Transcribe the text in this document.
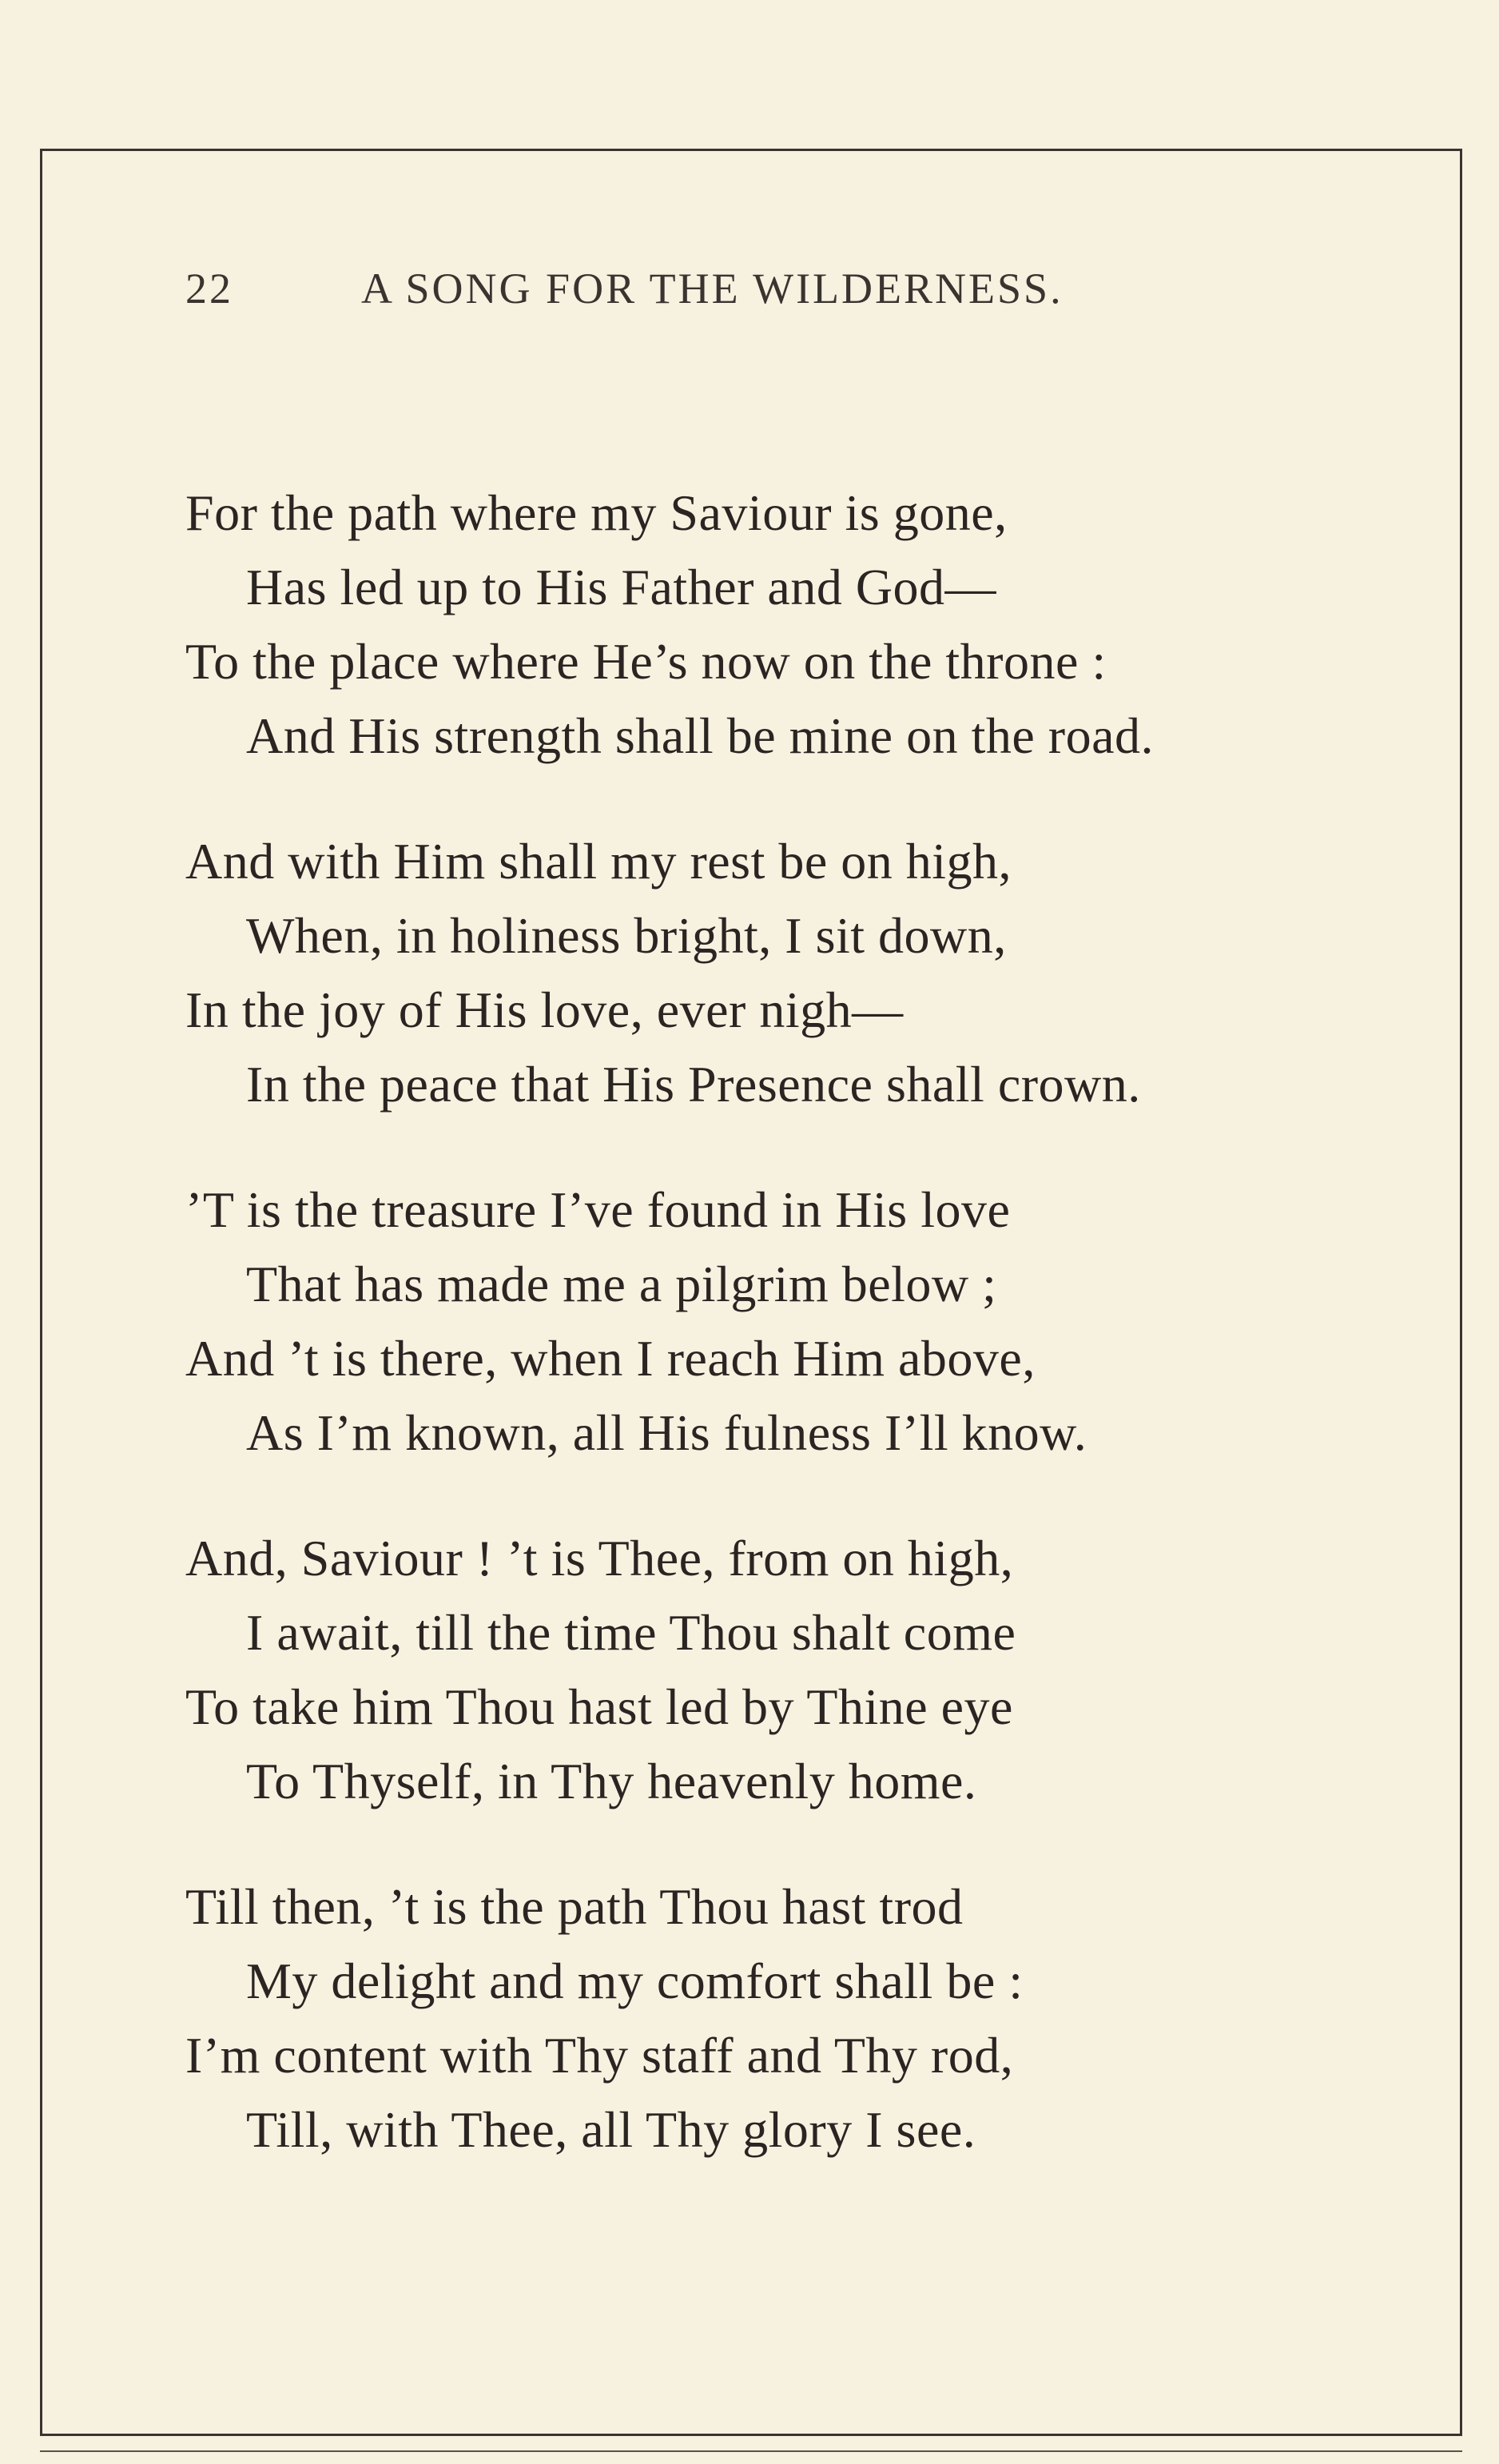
22	A SONG FOR THE WILDERNESS.
For the path where my Saviour is gone,
Has led up to His Father and God—
To the place where He’s now on the throne :
And His strength shall be mine on the road.
And with Him shall my rest be on high,
When, in holiness bright, I sit down,
In the joy of His love, ever nigh—
In the peace that His Presence shall crown.
’T is the treasure I’ve found in His love
That has made me a pilgrim below ;
And ’t is there, when I reach Him above,
As I’m known, all His fulness I’ll know.
And, Saviour ! ’t is Thee, from on high,
I await, till the time Thou shalt come
To take him Thou hast led by Thine eye
To Thyself, in Thy heavenly home.
Till then, ’t is the path Thou hast trod
My delight and my comfort shall be :
I’m content with Thy staff and Thy rod,
Till, with Thee, all Thy glory I see.
